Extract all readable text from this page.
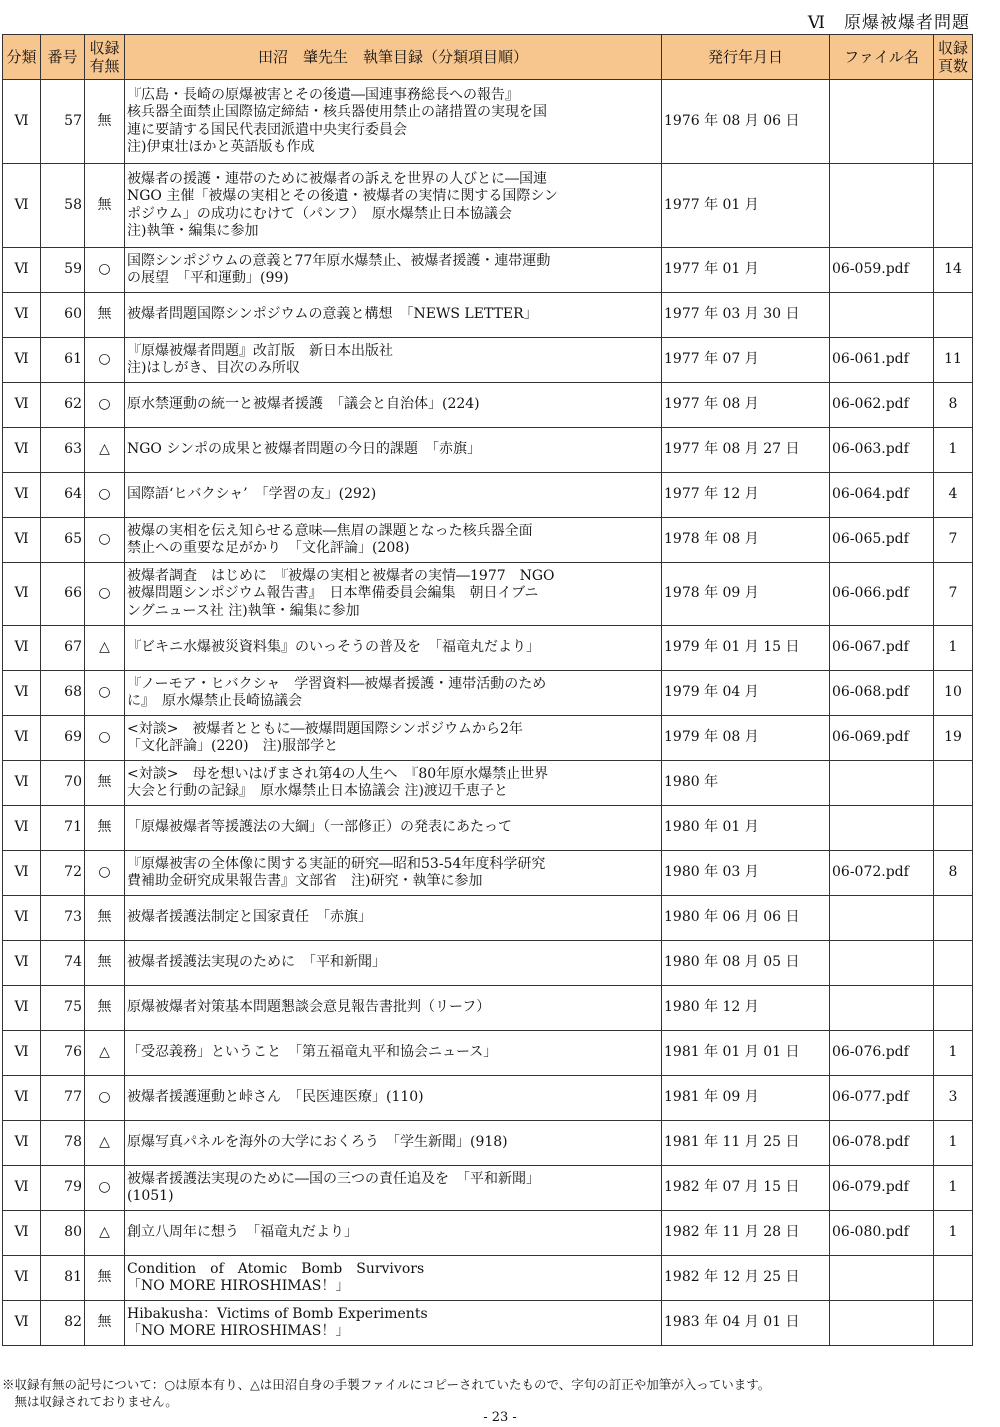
Ⅵ　原爆被爆者問題
分類	番号	収録
有無	田沼　肇先生　執筆目録（分類項目順）	発行年月日	ファイル名	収録
頁数
Ⅵ	57	無	『広島・長崎の原爆被害とその後遺―国連事務総長への報告』
核兵器全面禁止国際協定締結・核兵器使用禁止の諸措置の実現を国
連に要請する国民代表団派遣中央実行委員会
注)伊東壮ほかと英語版も作成	1976 年 08 月 06 日		
Ⅵ	58	無	被爆者の援護・連帯のために被爆者の訴えを世界の人びとに―国連
NGO 主催「被爆の実相とその後遺・被爆者の実情に関する国際シン
ポジウム」の成功にむけて（パンフ）　原水爆禁止日本協議会
注)執筆・編集に参加	1977 年 01 月		
Ⅵ	59	○	国際シンポジウムの意義と77年原水爆禁止、被爆者援護・連帯運動
の展望　「平和運動」(99)	1977 年 01 月	06-059.pdf	14
Ⅵ	60	無	被爆者問題国際シンポジウムの意義と構想　「NEWS LETTER」	1977 年 03 月 30 日		
Ⅵ	61	○	『原爆被爆者問題』改訂版　新日本出版社
注)はしがき、目次のみ所収	1977 年 07 月	06-061.pdf	11
Ⅵ	62	○	原水禁運動の統一と被爆者援護　「議会と自治体」(224)	1977 年 08 月	06-062.pdf	8
Ⅵ	63	△	NGO シンポの成果と被爆者問題の今日的課題　「赤旗」	1977 年 08 月 27 日	06-063.pdf	1
Ⅵ	64	○	国際語‘ヒバクシャ’　「学習の友」(292)	1977 年 12 月	06-064.pdf	4
Ⅵ	65	○	被爆の実相を伝え知らせる意味―焦眉の課題となった核兵器全面
禁止への重要な足がかり　「文化評論」(208)	1978 年 08 月	06-065.pdf	7
Ⅵ	66	○	被爆者調査　はじめに　『被爆の実相と被爆者の実情―1977　NGO
被爆問題シンポジウム報告書』　日本準備委員会編集　朝日イブニ
ングニュース社 注)執筆・編集に参加	1978 年 09 月	06-066.pdf	7
Ⅵ	67	△	『ビキニ水爆被災資料集』のいっそうの普及を　「福竜丸だより」	1979 年 01 月 15 日	06-067.pdf	1
Ⅵ	68	○	『ノーモア・ヒバクシャ　学習資料―被爆者援護・連帯活動のため
に』　原水爆禁止長崎協議会	1979 年 04 月	06-068.pdf	10
Ⅵ	69	○	<対談>　被爆者とともに―被爆問題国際シンポジウムから2年
「文化評論」(220)　注)服部学と	1979 年 08 月	06-069.pdf	19
Ⅵ	70	無	<対談>　母を想いはげまされ第4の人生へ　『80年原水爆禁止世界
大会と行動の記録』　原水爆禁止日本協議会 注)渡辺千恵子と	1980 年		
Ⅵ	71	無	「原爆被爆者等援護法の大綱」（一部修正）の発表にあたって	1980 年 01 月		
Ⅵ	72	○	『原爆被害の全体像に関する実証的研究―昭和53-54年度科学研究
費補助金研究成果報告書』文部省　注)研究・執筆に参加	1980 年 03 月	06-072.pdf	8
Ⅵ	73	無	被爆者援護法制定と国家責任　「赤旗」	1980 年 06 月 06 日		
Ⅵ	74	無	被爆者援護法実現のために　「平和新聞」	1980 年 08 月 05 日		
Ⅵ	75	無	原爆被爆者対策基本問題懇談会意見報告書批判（リーフ）	1980 年 12 月		
Ⅵ	76	△	「受忍義務」ということ　「第五福竜丸平和協会ニュース」	1981 年 01 月 01 日	06-076.pdf	1
Ⅵ	77	○	被爆者援護運動と峠さん　「民医連医療」(110)	1981 年 09 月	06-077.pdf	3
Ⅵ	78	△	原爆写真パネルを海外の大学におくろう　「学生新聞」(918)	1981 年 11 月 25 日	06-078.pdf	1
Ⅵ	79	○	被爆者援護法実現のために―国の三つの責任追及を　「平和新聞」
(1051)	1982 年 07 月 15 日	06-079.pdf	1
Ⅵ	80	△	創立八周年に想う　「福竜丸だより」	1982 年 11 月 28 日	06-080.pdf	1
Ⅵ	81	無	Condition　of　Atomic　Bomb　Survivors
「NO MORE HIROSHIMAS！」	1982 年 12 月 25 日		
Ⅵ	82	無	Hibakusha：Victims of Bomb Experiments
「NO MORE HIROSHIMAS！」	1983 年 04 月 01 日		
※収録有無の記号について：○は原本有り、△は田沼自身の手製ファイルにコピーされていたもので、字句の訂正や加筆が入っています。
　無は収録されておりません。
- 23 -
